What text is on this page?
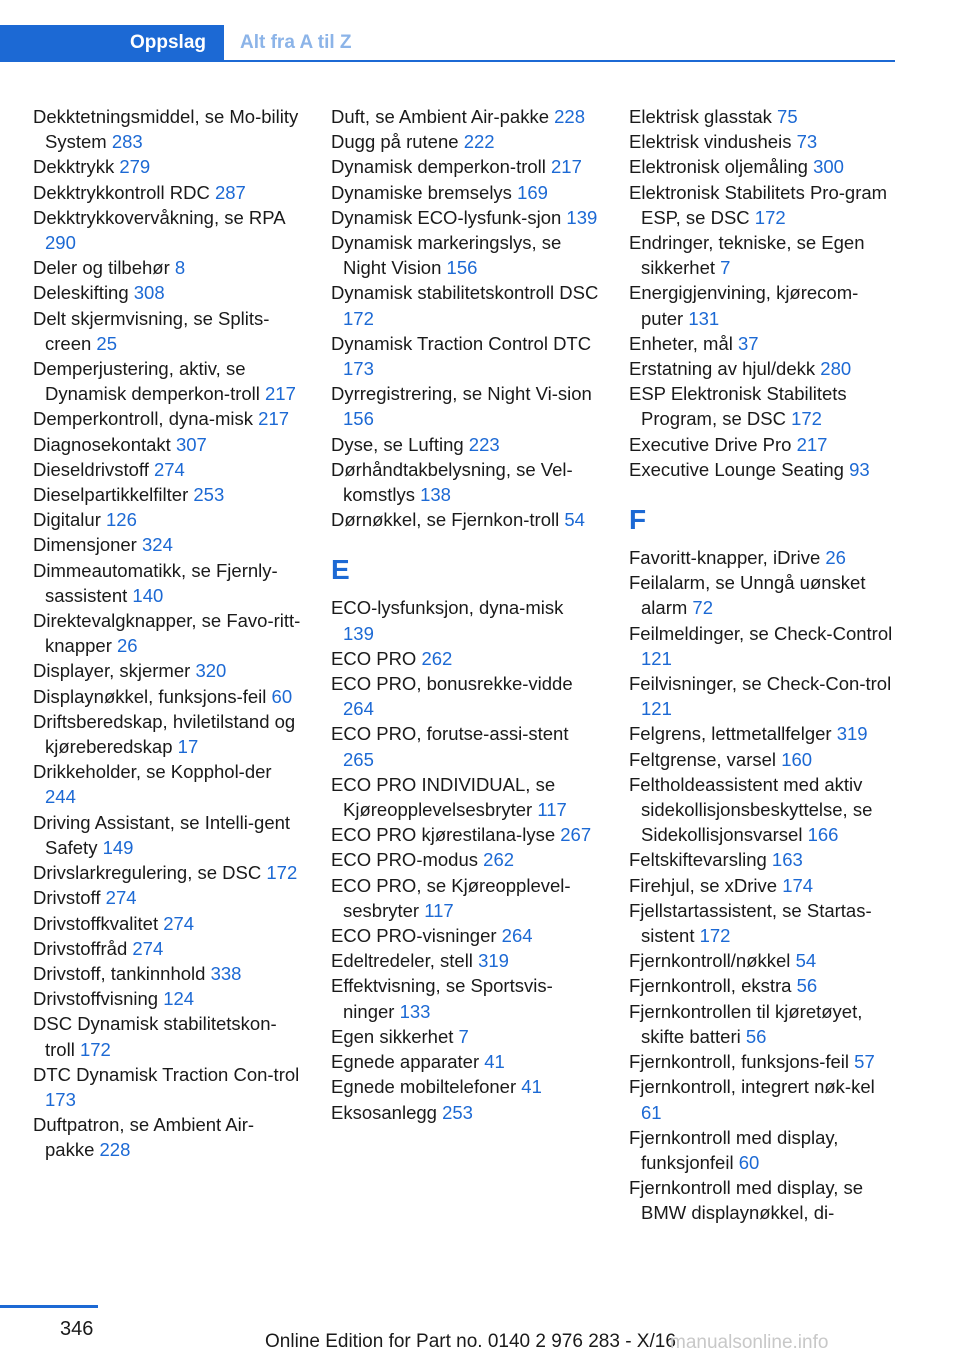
Oppslag	Alt fra A til Z
Dekktetningsmiddel, se Mo-bility System 283
Dekktrykk 279
Dekktrykkontroll RDC 287
Dekktrykkovervåkning, se RPA 290
Deler og tilbehør 8
Deleskifting 308
Delt skjermvisning, se Splits-creen 25
Demperjustering, aktiv, se Dynamisk demperkon-troll 217
Demperkontroll, dyna-misk 217
Diagnosekontakt 307
Dieseldrivstoff 274
Dieselpartikkelfilter 253
Digitalur 126
Dimensjoner 324
Dimmeautomatikk, se Fjernly-sassistent 140
Direktevalgknapper, se Favo-ritt-knapper 26
Displayer, skjermer 320
Displaynøkkel, funksjons-feil 60
Driftsberedskap, hviletilstand og kjøreberedskap 17
Drikkeholder, se Kopphol-der 244
Driving Assistant, se Intelli-gent Safety 149
Drivslarkregulering, se DSC 172
Drivstoff 274
Drivstoffkvalitet 274
Drivstoffråd 274
Drivstoff, tankinnhold 338
Drivstoffvisning 124
DSC Dynamisk stabilitetskon-troll 172
DTC Dynamisk Traction Con-trol 173
Duftpatron, se Ambient Air-pakke 228
Duft, se Ambient Air-pakke 228
Dugg på rutene 222
Dynamisk demperkon-troll 217
Dynamiske bremselys 169
Dynamisk ECO-lysfunk-sjon 139
Dynamisk markeringslys, se Night Vision 156
Dynamisk stabilitetskontroll DSC 172
Dynamisk Traction Control DTC 173
Dyrregistrering, se Night Vi-sion 156
Dyse, se Lufting 223
Dørhåndtakbelysning, se Vel-komstlys 138
Dørnøkkel, se Fjernkon-troll 54
E
ECO-lysfunksjon, dyna-misk 139
ECO PRO 262
ECO PRO, bonusrekke-vidde 264
ECO PRO, forutse-assi-stent 265
ECO PRO INDIVIDUAL, se Kjøreopplevelsesbryter 117
ECO PRO kjørestilana-lyse 267
ECO PRO-modus 262
ECO PRO, se Kjøreopplevel-sesbryter 117
ECO PRO-visninger 264
Edeltredeler, stell 319
Effektvisning, se Sportsvis-ninger 133
Egen sikkerhet 7
Egnede apparater 41
Egnede mobiltelefoner 41
Eksosanlegg 253
Elektrisk glasstak 75
Elektrisk vindusheis 73
Elektronisk oljemåling 300
Elektronisk Stabilitets Pro-gram ESP, se DSC 172
Endringer, tekniske, se Egen sikkerhet 7
Energigjenvining, kjørecom-puter 131
Enheter, mål 37
Erstatning av hjul/dekk 280
ESP Elektronisk Stabilitets Program, se DSC 172
Executive Drive Pro 217
Executive Lounge Seating 93
F
Favoritt-knapper, iDrive 26
Feilalarm, se Unngå uønsket alarm 72
Feilmeldinger, se Check-Control 121
Feilvisninger, se Check-Con-trol 121
Felgrens, lettmetallfelger 319
Feltgrense, varsel 160
Feltholdeassistent med aktiv sidekollisjonsbeskyttelse, se Sidekollisjonsvarsel 166
Feltskiftevarsling 163
Firehjul, se xDrive 174
Fjellstartassistent, se Startas-sistent 172
Fjernkontroll/nøkkel 54
Fjernkontroll, ekstra 56
Fjernkontrollen til kjøretøyet, skifte batteri 56
Fjernkontroll, funksjons-feil 57
Fjernkontroll, integrert nøk-kel 61
Fjernkontroll med display, funksjonfeil 60
Fjernkontroll med display, se BMW displaynøkkel, di-
346
Online Edition for Part no. 0140 2 976 283 - X/16
manualsonline.info
